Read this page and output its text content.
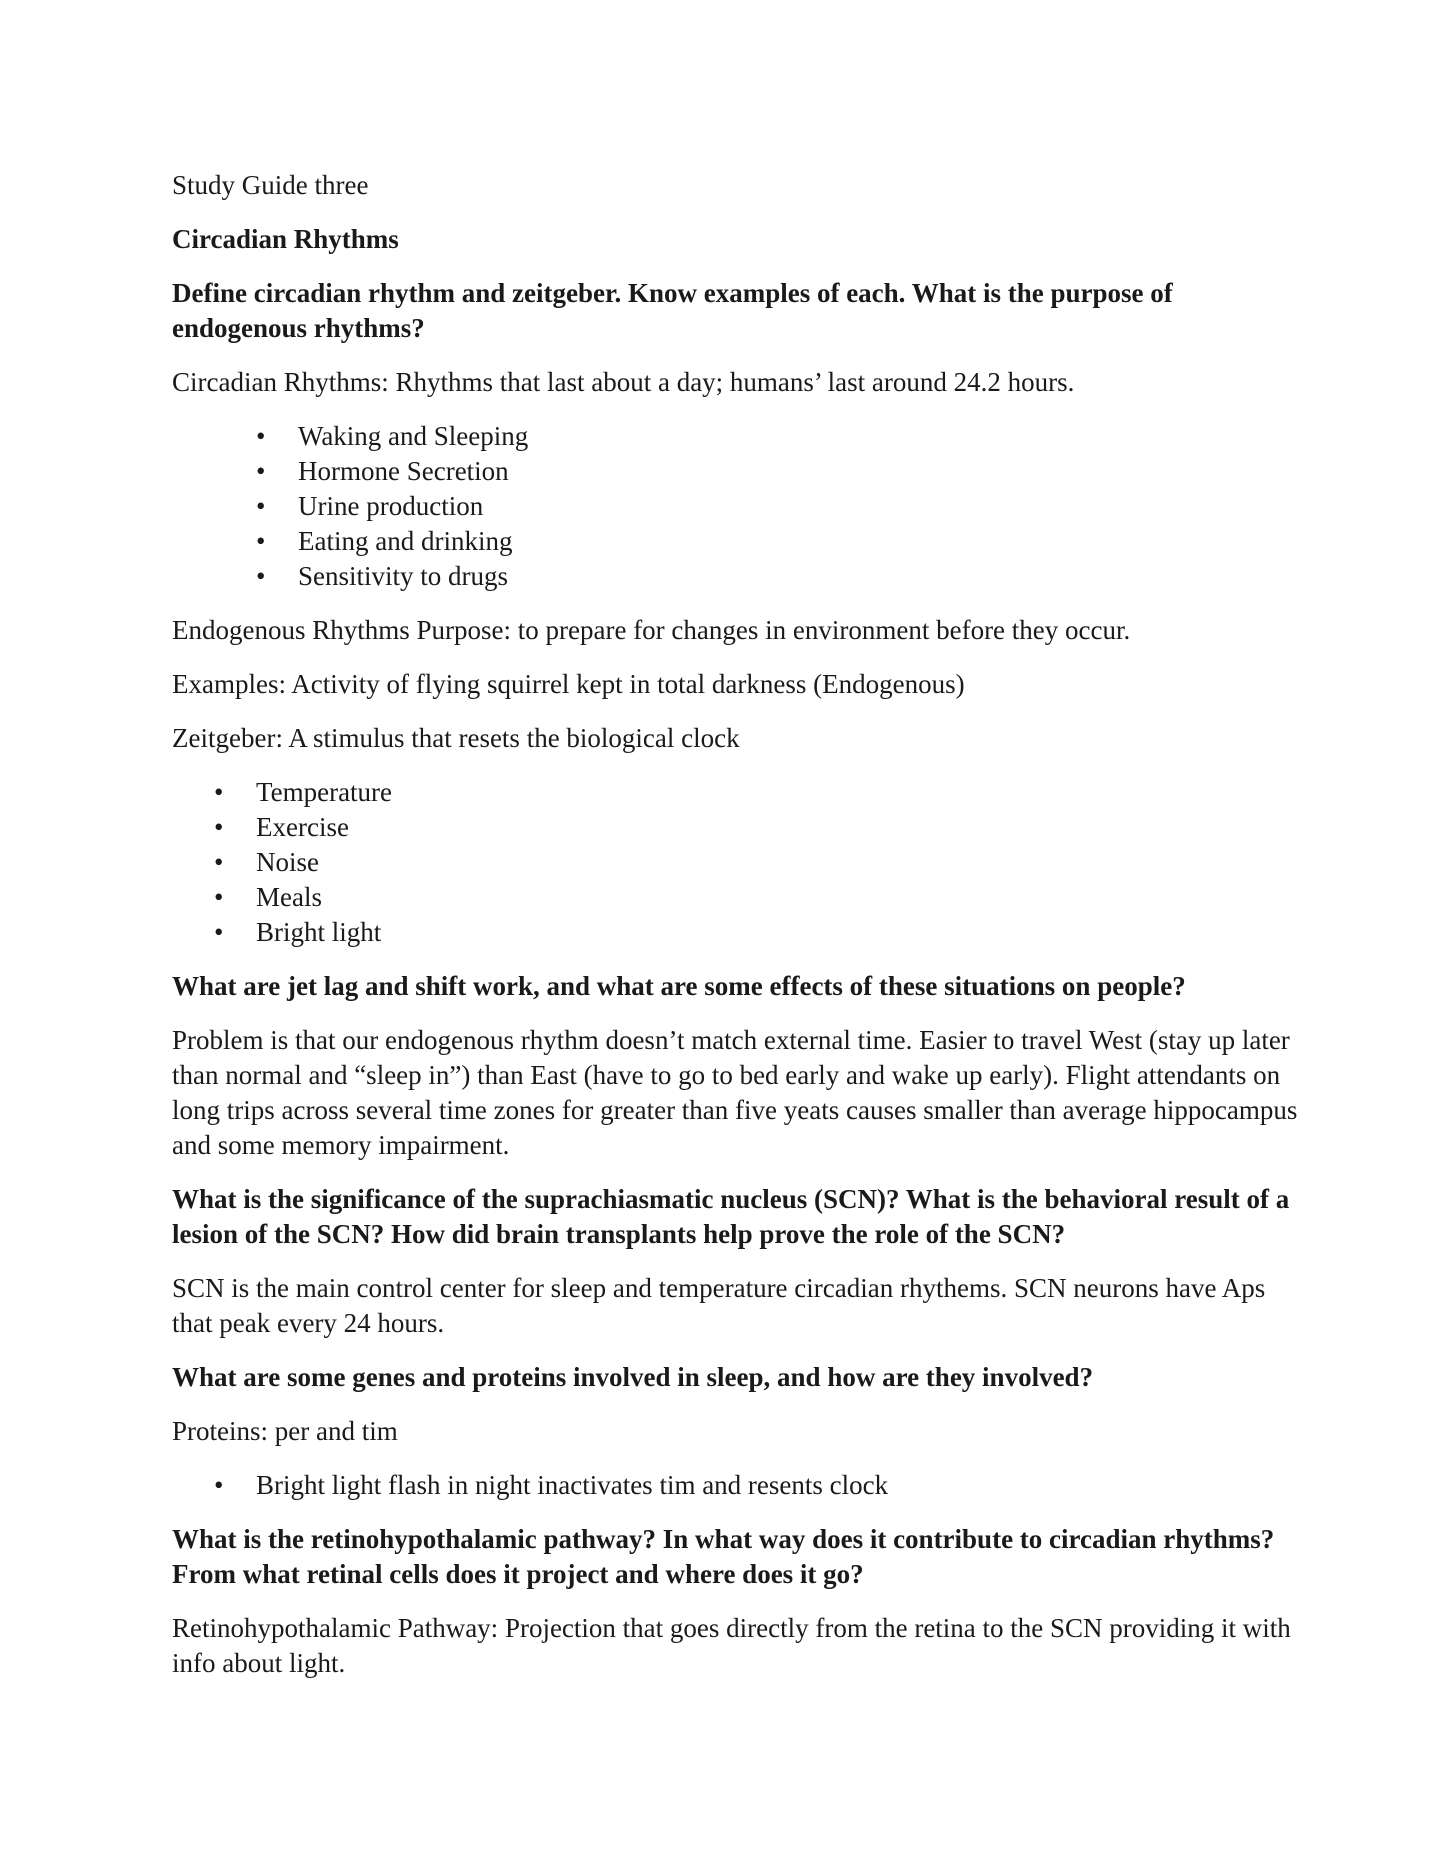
Study Guide three

Circadian Rhythms

Define circadian rhythm and zeitgeber. Know examples of each. What is the purpose of endogenous rhythms?

Circadian Rhythms: Rhythms that last about a day; humans’ last around 24.2 hours.

• Waking and Sleeping
• Hormone Secretion
• Urine production
• Eating and drinking
• Sensitivity to drugs

Endogenous Rhythms Purpose: to prepare for changes in environment before they occur.

Examples: Activity of flying squirrel kept in total darkness (Endogenous)

Zeitgeber: A stimulus that resets the biological clock

• Temperature
• Exercise
• Noise
• Meals
• Bright light

What are jet lag and shift work, and what are some effects of these situations on people?

Problem is that our endogenous rhythm doesn’t match external time. Easier to travel West (stay up later than normal and “sleep in”) than East (have to go to bed early and wake up early). Flight attendants on long trips across several time zones for greater than five yeats causes smaller than average hippocampus and some memory impairment.

What is the significance of the suprachiasmatic nucleus (SCN)? What is the behavioral result of a lesion of the SCN? How did brain transplants help prove the role of the SCN?

SCN is the main control center for sleep and temperature circadian rhythems. SCN neurons have Aps that peak every 24 hours.

What are some genes and proteins involved in sleep, and how are they involved?

Proteins: per and tim

• Bright light flash in night inactivates tim and resents clock

What is the retinohypothalamic pathway? In what way does it contribute to circadian rhythms? From what retinal cells does it project and where does it go?

Retinohypothalamic Pathway: Projection that goes directly from the retina to the SCN providing it with info about light.
